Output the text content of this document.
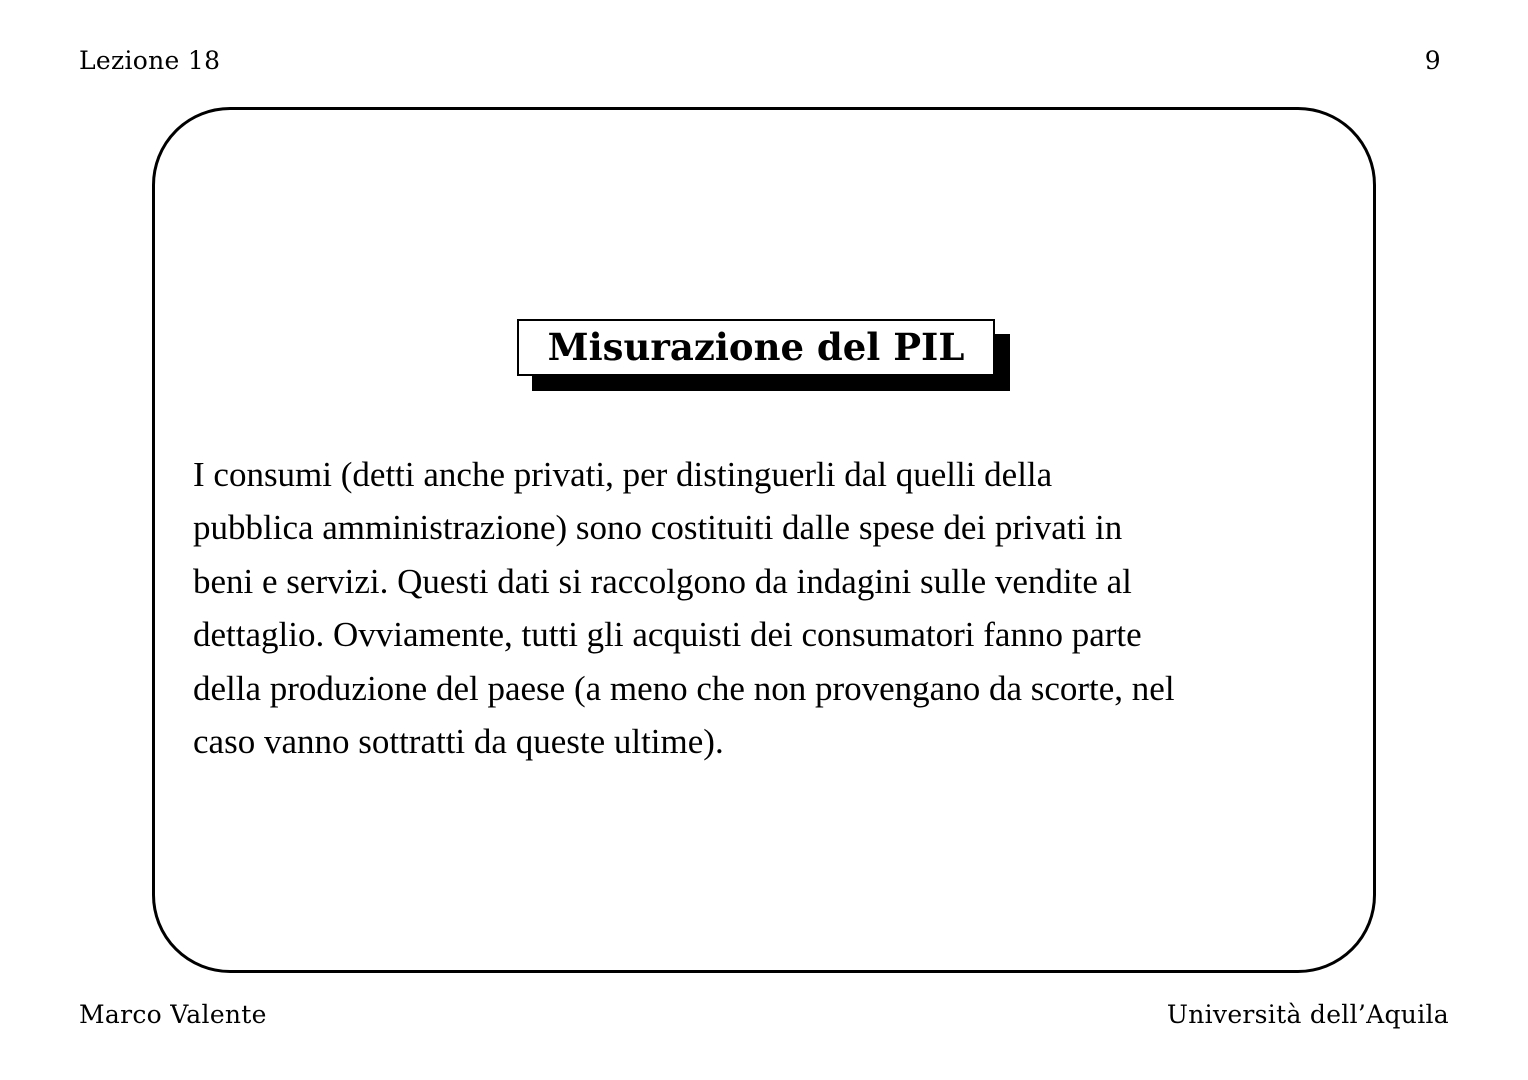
Lezione 18	9
Misurazione del PIL

I consumi (detti anche privati, per distinguerli dal quelli della
pubblica amministrazione) sono costituiti dalle spese dei privati in
beni e servizi. Questi dati si raccolgono da indagini sulle vendite al
dettaglio. Ovviamente, tutti gli acquisti dei consumatori fanno parte
della produzione del paese (a meno che non provengano da scorte, nel
caso vanno sottratti da queste ultime).

Marco Valente	Università dell’Aquila
